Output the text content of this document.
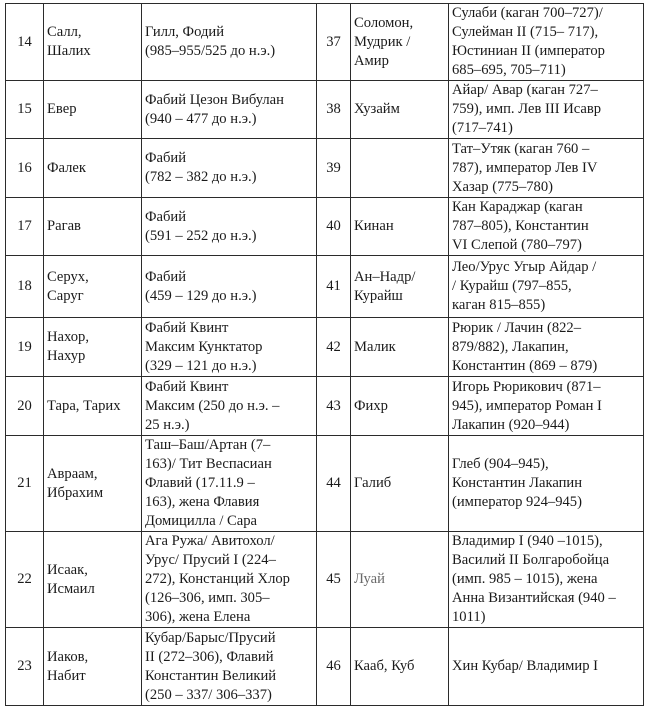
14	Салл,
Шалих	Гилл, Фодий
(985–955/525 до н.э.)	37	Соломон,
Мудрик /
Амир	Сулаби (каган 700–727)/
Сулейман II (715– 717),
Юстиниан II (император
685–695, 705–711)

15	Евер	Фабий Цезон Вибулан
(940 – 477 до н.э.)	38	Хузайм	Айар/ Авар (каган 727–
759), имп. Лев III Исавр
(717–741)

16	Фалек	Фабий
(782 – 382 до н.э.)	39		Тат–Утяк (каган 760 –
787), император Лев IV
Хазар (775–780)

17	Рагав	Фабий
(591 – 252 до н.э.)	40	Кинан	Кан Караджар (каган
787–805), Константин
VI Слепой (780–797)

18	Серух,
Саруг	Фабий
(459 – 129 до н.э.)	41	Ан–Надр/
Курайш	Лео/Урус Угыр Айдар /
/ Курайш (797–855,
каган 815–855)

19	Нахор,
Нахур	Фабий Квинт
Максим Кунктатор
(329 – 121 до н.э.)	42	Малик	Рюрик / Лачин (822–
879/882), Лакапин,
Константин (869 – 879)

20	Тара, Тарих	Фабий Квинт
Максим (250 до н.э. –
25 н.э.)	43	Фихр	Игорь Рюрикович (871–
945), император Роман I
Лакапин (920–944)

21	Авраам,
Ибрахим	Таш–Баш/Артан (7–
163)/ Тит Веспасиан
Флавий (17.11.9 –
163), жена Флавия
Домицилла / Сара	44	Галиб	Глеб (904–945),
Константин Лакапин
(император 924–945)

22	Исаак,
Исмаил	Ага Ружа/ Авитохол/
Урус/ Прусий I (224–
272), Констанций Хлор
(126–306, имп. 305–
306), жена Елена	45	Луай	Владимир I (940 –1015),
Василий II Болгаробойца
(имп. 985 – 1015), жена
Анна Византийская (940 –
1011)

23	Иаков,
Набит	Кубар/Барыс/Прусий
II (272–306), Флавий
Константин Великий
(250 – 337/ 306–337)	46	Кааб, Куб	Хин Кубар/ Владимир I
